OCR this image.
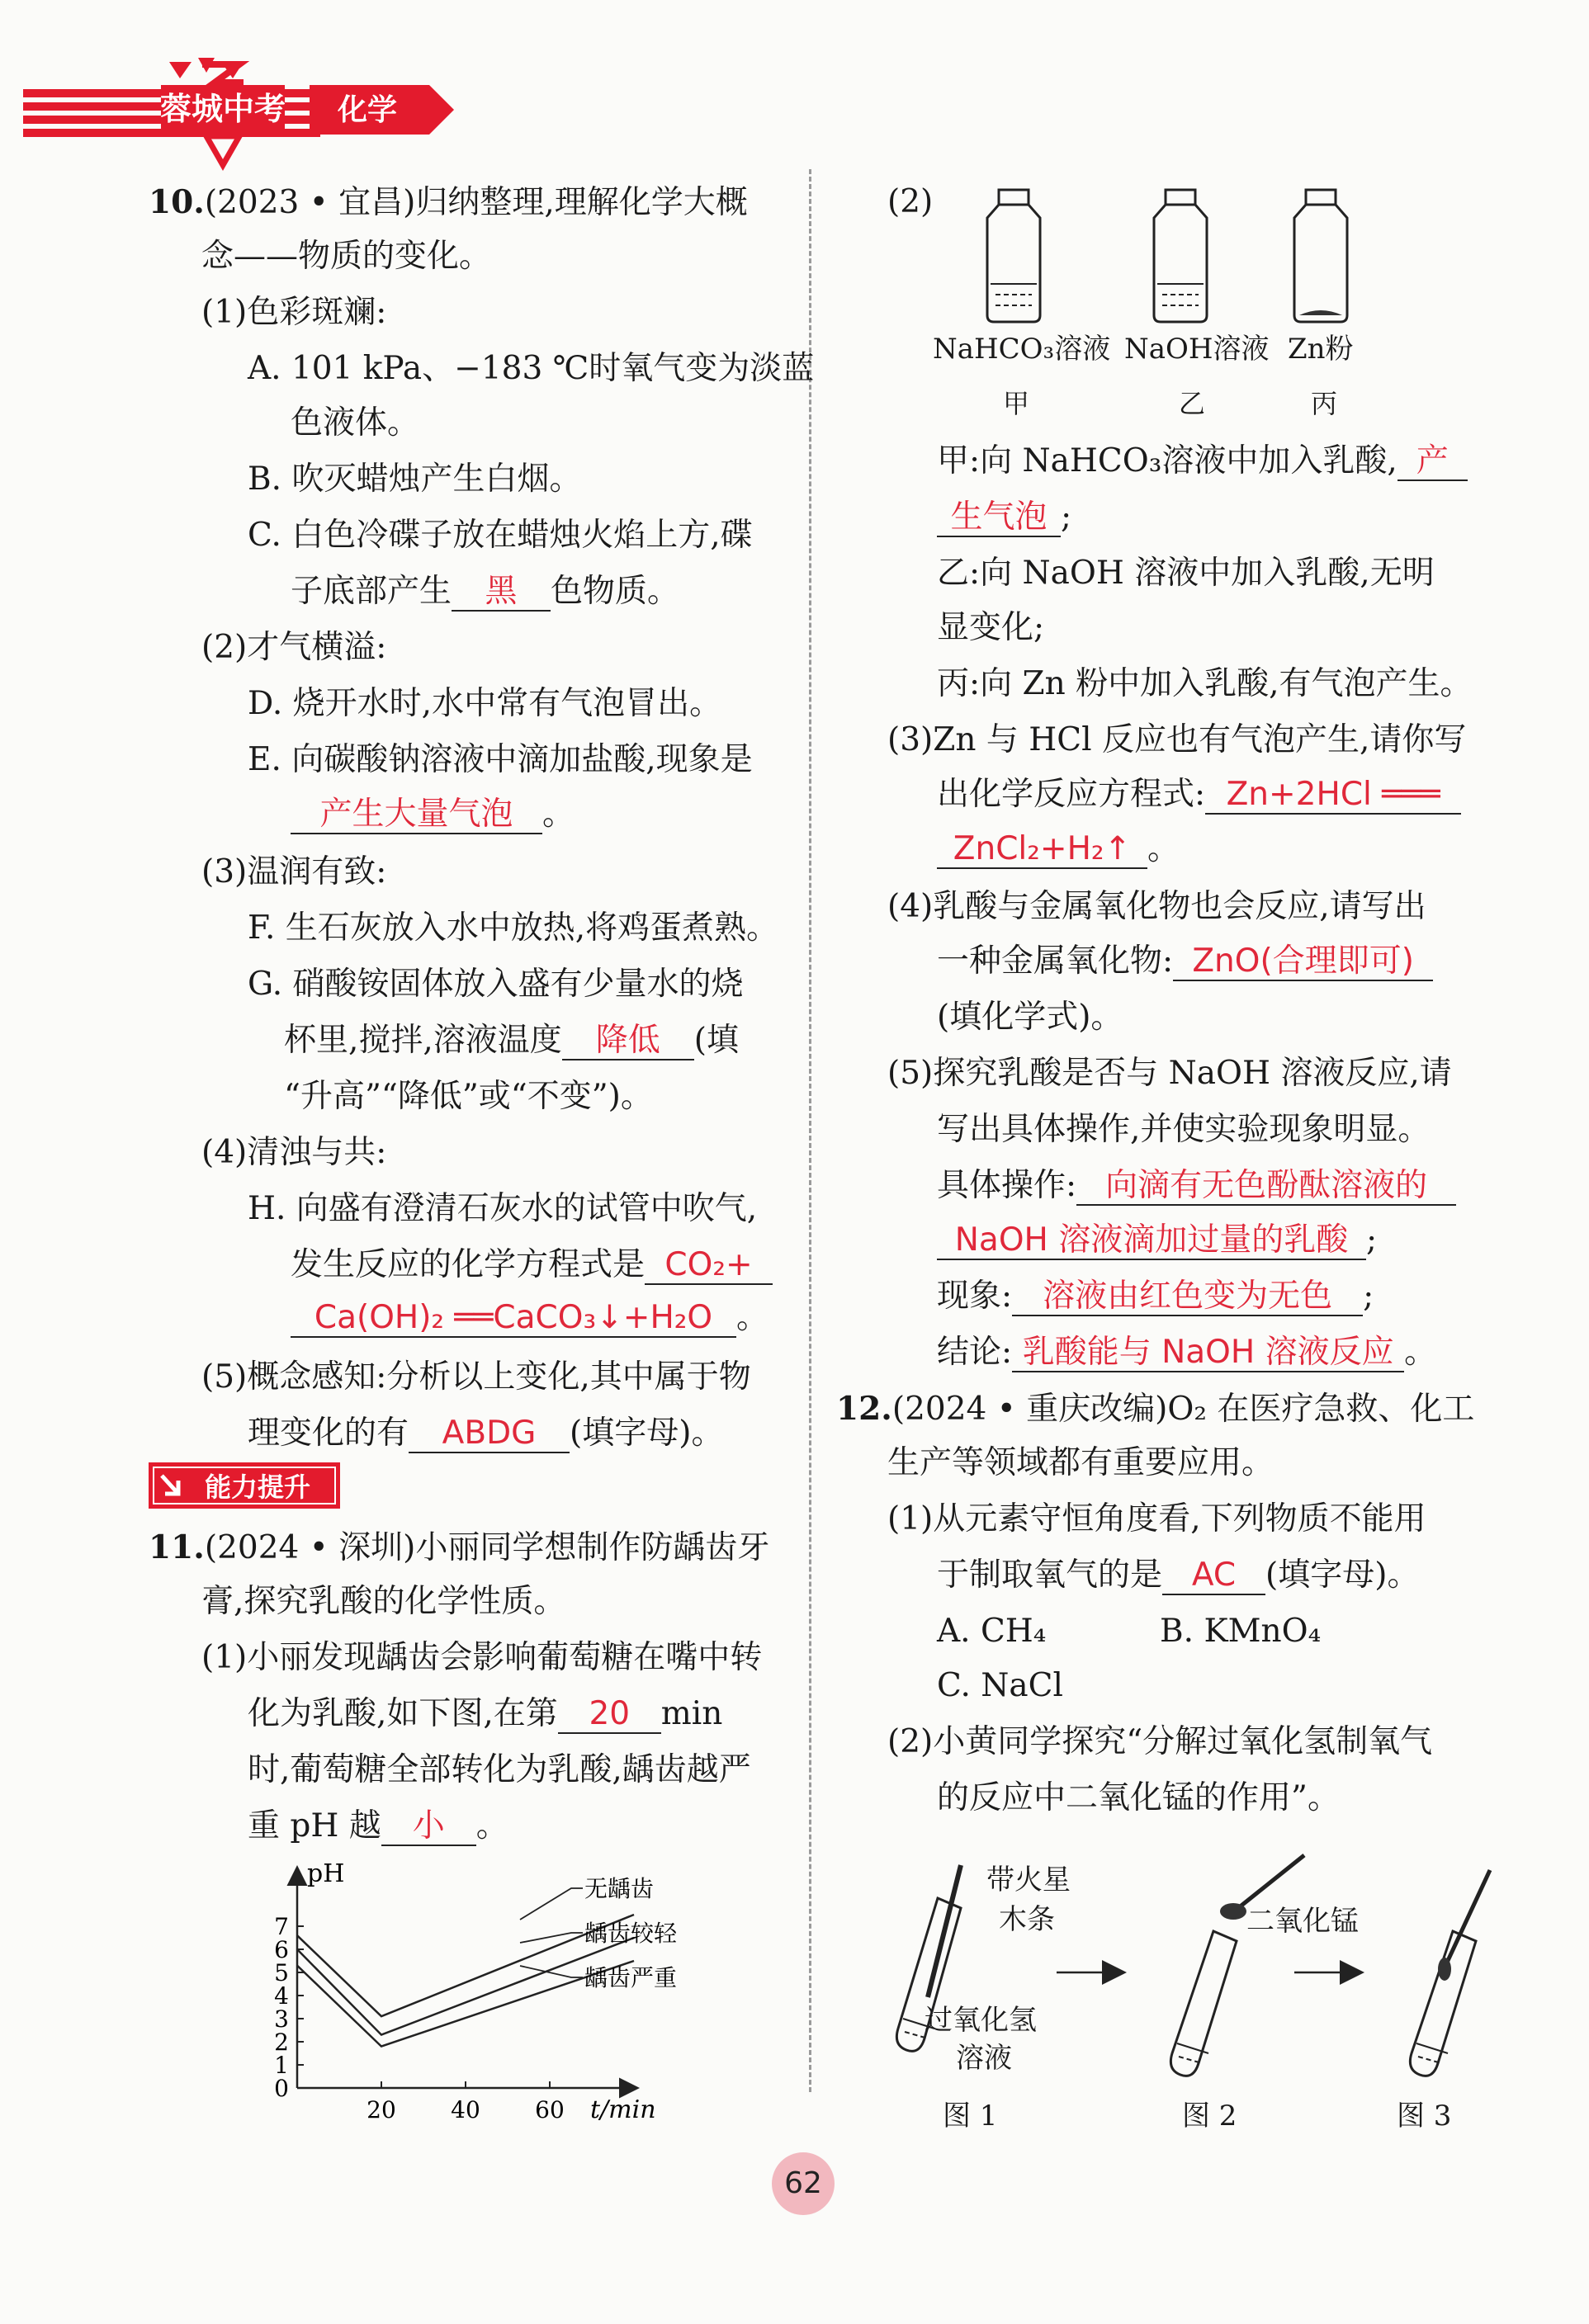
蓉城中考 化学
10.(2023 • 宜昌)归纳整理,理解化学大概
念——物质的变化。
(1)色彩斑斓:
A. 101 kPa、−183 ℃时氧气变为淡蓝
色液体。
B. 吹灭蜡烛产生白烟。
C. 白色冷碟子放在蜡烛火焰上方,碟
子底部产生 黑 色物质。
(2)才气横溢:
D. 烧开水时,水中常有气泡冒出。
E. 向碳酸钠溶液中滴加盐酸,现象是
产生大量气泡 。
(3)温润有致:
F. 生石灰放入水中放热,将鸡蛋煮熟。
G. 硝酸铵固体放入盛有少量水的烧
杯里,搅拌,溶液温度 降低 (填
“升高”“降低”或“不变”)。
(4)清浊与共:
H. 向盛有澄清石灰水的试管中吹气,
发生反应的化学方程式是 CO₂+
Ca(OH)₂ ══CaCO₃↓+H₂O 。
(5)概念感知:分析以上变化,其中属于物
理变化的有 ABDG (填字母)。
能力提升
11.(2024 • 深圳)小丽同学想制作防龋齿牙
膏,探究乳酸的化学性质。
(1)小丽发现龋齿会影响葡萄糖在嘴中转
化为乳酸,如下图,在第 20 min
时,葡萄糖全部转化为乳酸,龋齿越严
重 pH 越 小 。
pH
t/min
0
1
2
3
4
5
6
7
20 40 60
无龋齿
龋齿较轻
龋齿严重
(2)
NaHCO₃溶液 NaOH溶液 Zn粉
甲	乙	丙
甲:向 NaHCO₃溶液中加入乳酸, 产
生气泡 ;
乙:向 NaOH 溶液中加入乳酸,无明
显变化;
丙:向 Zn 粉中加入乳酸,有气泡产生。
(3)Zn 与 HCl 反应也有气泡产生,请你写
出化学反应方程式: Zn+2HCl ═══
ZnCl₂+H₂↑ 。
(4)乳酸与金属氧化物也会反应,请写出
一种金属氧化物: ZnO(合理即可)
(填化学式)。
(5)探究乳酸是否与 NaOH 溶液反应,请
写出具体操作,并使实验现象明显。
具体操作: 向滴有无色酚酞溶液的
NaOH 溶液滴加过量的乳酸 ;
现象: 溶液由红色变为无色 ;
结论: 乳酸能与 NaOH 溶液反应 。
12.(2024 • 重庆改编)O₂ 在医疗急救、化工
生产等领域都有重要应用。
(1)从元素守恒角度看,下列物质不能用
于制取氧气的是 AC (填字母)。
A. CH₄	B. KMnO₄
C. NaCl
(2)小黄同学探究“分解过氧化氢制氧气
的反应中二氧化锰的作用”。
带火星
木条
过氧化氢
溶液
二氧化锰
图 1	图 2	图 3
62
